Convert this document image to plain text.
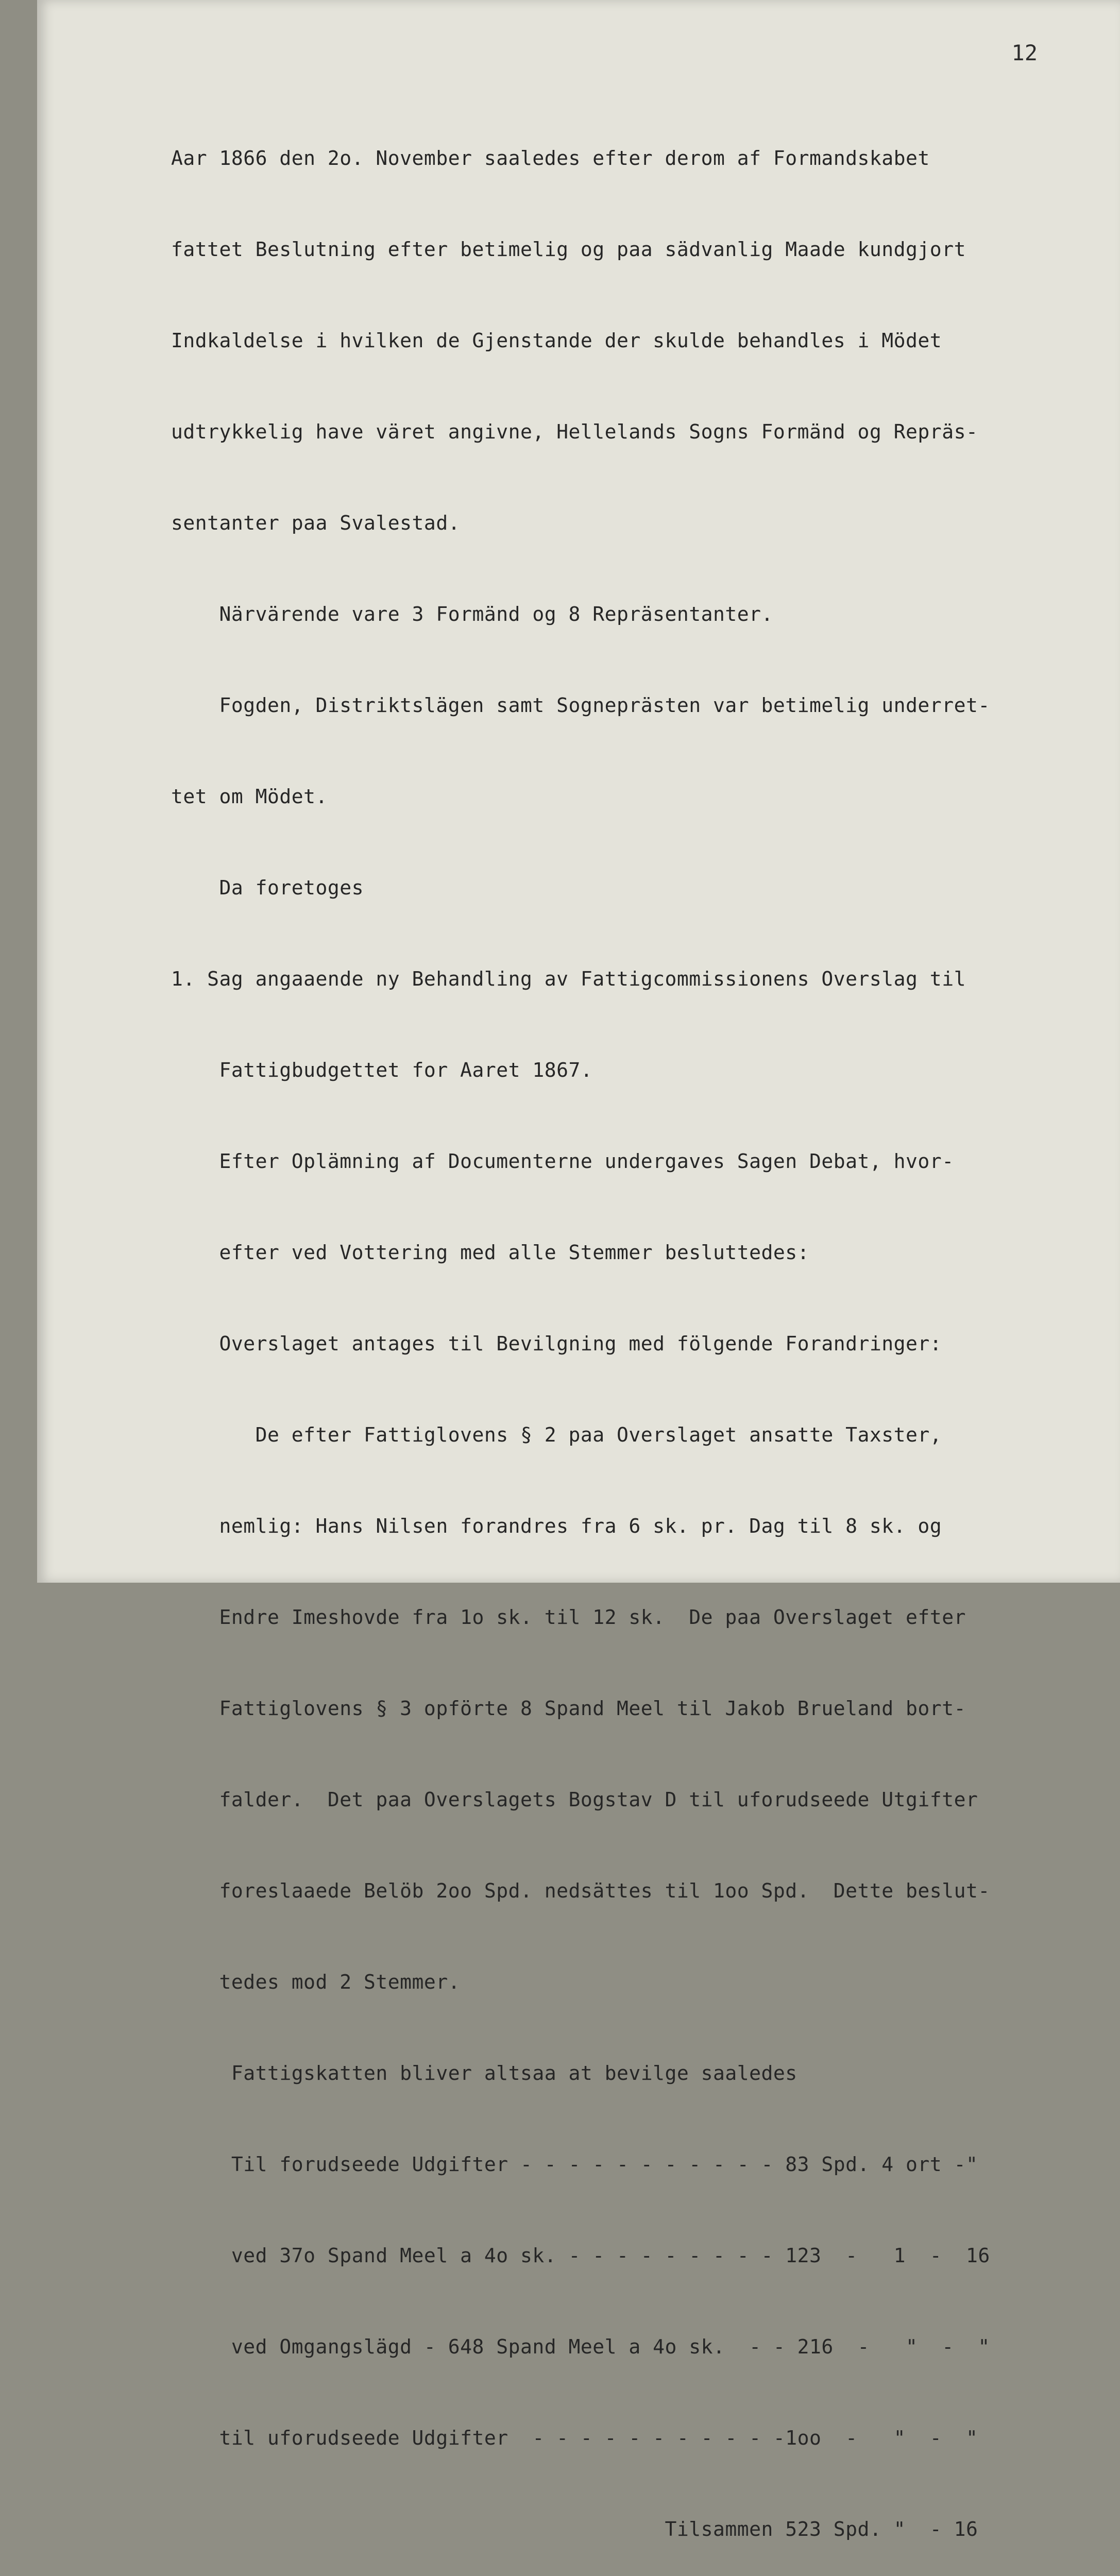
12

Aar 1866 den 2o. November saaledes efter derom af Formandskabet

fattet Beslutning efter betimelig og paa sädvanlig Maade kundgjort

Indkaldelse i hvilken de Gjenstande der skulde behandles i Mödet

udtrykkelig have väret angivne, Hellelands Sogns Formänd og Repräs-

sentanter paa Svalestad.

Närvärende vare 3 Formänd og 8 Repräsentanter.

Fogden, Distriktslägen samt Sogneprästen var betimelig underret-

tet om Mödet.

Da foretoges

1. Sag angaaende ny Behandling av Fattigcommissionens Overslag til

Fattigbudgettet for Aaret 1867.

Efter Oplämning af Documenterne undergaves Sagen Debat, hvor-

efter ved Vottering med alle Stemmer besluttedes:

Overslaget antages til Bevilgning med fölgende Forandringer:

De efter Fattiglovens § 2 paa Overslaget ansatte Taxster,

nemlig: Hans Nilsen forandres fra 6 sk. pr. Dag til 8 sk. og

Endre Imeshovde fra 1o sk. til 12 sk.  De paa Overslaget efter

Fattiglovens § 3 opförte 8 Spand Meel til Jakob Brueland bort-

falder.  Det paa Overslagets Bogstav D til uforudseede Utgifter

foreslaaede Belöb 2oo Spd. nedsättes til 1oo Spd.  Dette beslut-

tedes mod 2 Stemmer.

Fattigskatten bliver altsaa at bevilge saaledes

Til forudseede Udgifter - - - - - - - - - - - 83 Spd. 4 ort -"

ved 37o Spand Meel a 4o sk. - - - - - - - - - 123  -   1  -  16

ved Omgangslägd - 648 Spand Meel a 4o sk.  - - 216  -   "  -  "

til uforudseede Udgifter  - - - - - - - - - - -1oo  -   "  -  "

Tilsammen 523 Spd. "  - 16
